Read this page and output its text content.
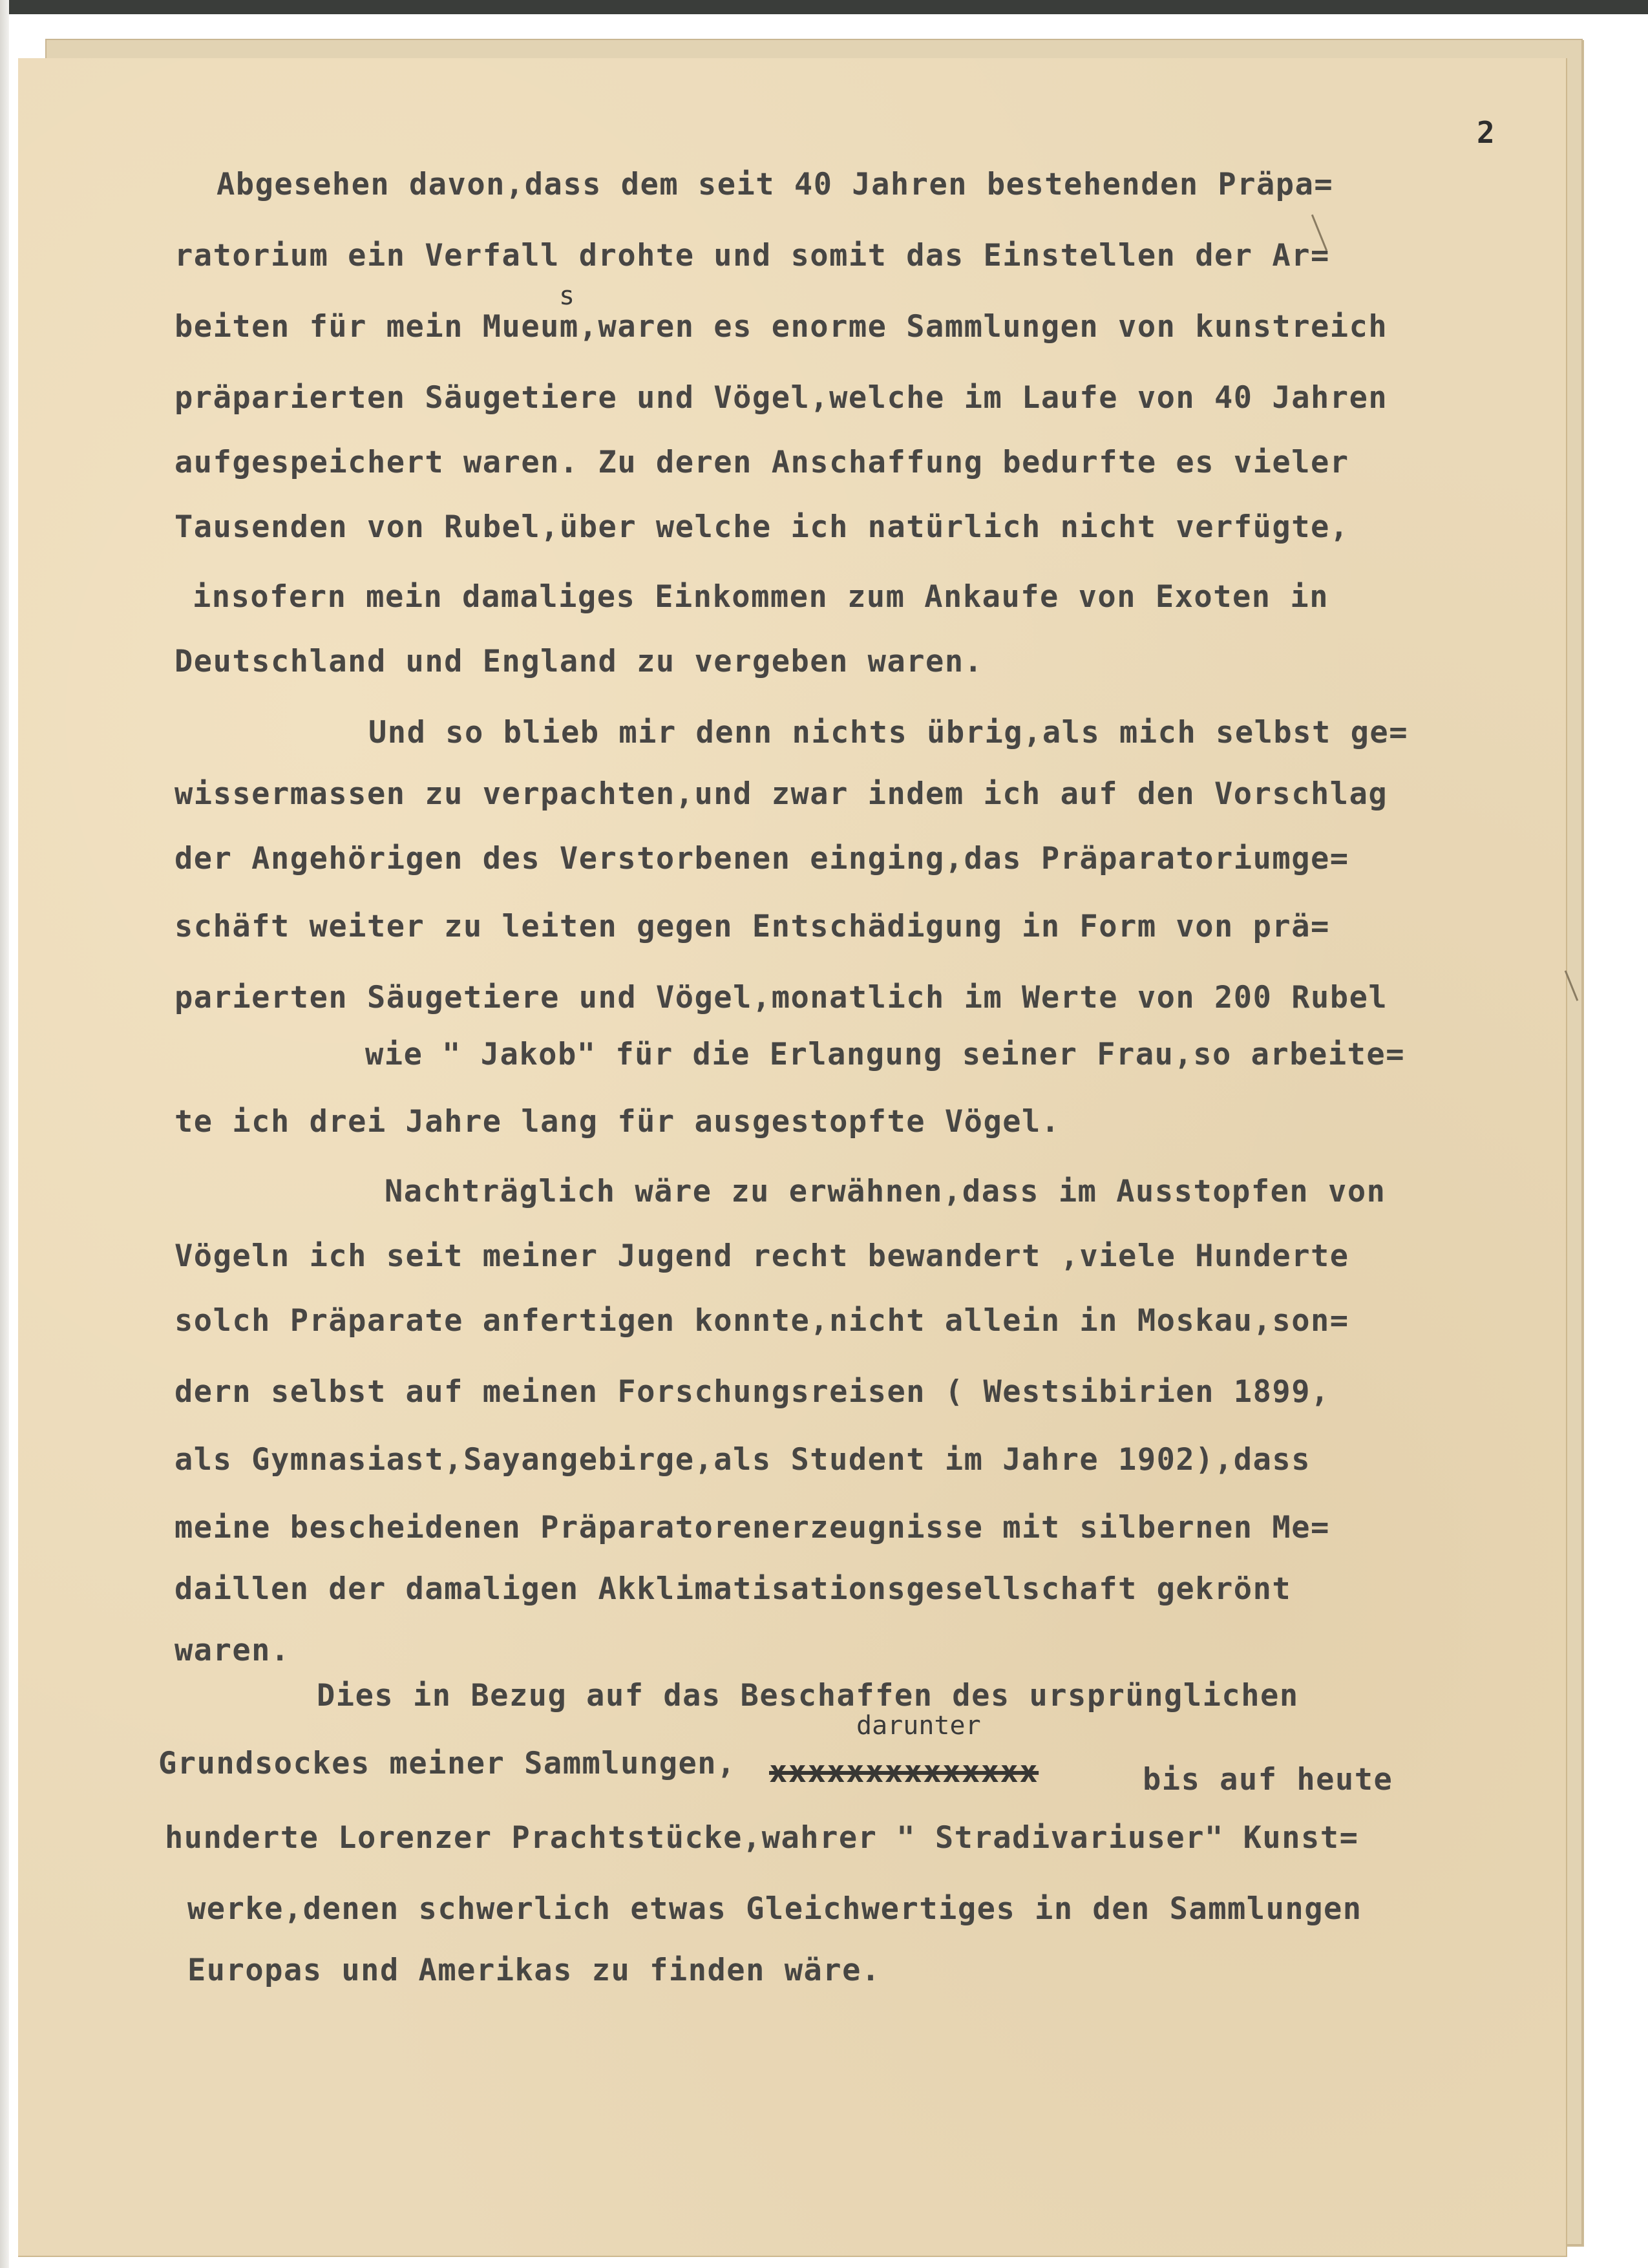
2
Abgesehen davon,dass dem seit 40 Jahren bestehenden Präpa=
ratorium ein Verfall drohte und somit das Einstellen der Ar=
beiten für mein Mueum,waren es enorme Sammlungen von kunstreich
s
präparierten Säugetiere und Vögel,welche im Laufe von 40 Jahren
aufgespeichert waren. Zu deren Anschaffung bedurfte es vieler
Tausenden von Rubel,über welche ich natürlich nicht verfügte,
insofern mein damaliges Einkommen zum Ankaufe von Exoten in
Deutschland und England zu vergeben waren.
Und so blieb mir denn nichts übrig,als mich selbst ge=
wissermassen zu verpachten,und zwar indem ich auf den Vorschlag
der Angehörigen des Verstorbenen einging,das Präparatoriumge=
schäft weiter zu leiten gegen Entschädigung in Form von prä=
parierten Säugetiere und Vögel,monatlich im Werte von 200 Rubel
wie " Jakob" für die Erlangung seiner Frau,so arbeite=
te ich drei Jahre lang für ausgestopfte Vögel.
Nachträglich wäre zu erwähnen,dass im Ausstopfen von
Vögeln ich seit meiner Jugend recht bewandert ,viele Hunderte
solch Präparate anfertigen konnte,nicht allein in Moskau,son=
dern selbst auf meinen Forschungsreisen ( Westsibirien 1899,
als Gymnasiast,Sayangebirge,als Student im Jahre 1902),dass
meine bescheidenen Präparatorenerzeugnisse mit silbernen Me=
daillen der damaligen Akklimatisationsgesellschaft gekrönt
waren.
Dies in Bezug auf das Beschaffen des ursprünglichen
darunter
Grundsockes meiner Sammlungen, xxxxxxxxxxxxxx	bis auf heute
hunderte Lorenzer Prachtstücke,wahrer " Stradivariuser" Kunst=
werke,denen schwerlich etwas Gleichwertiges in den Sammlungen
Europas und Amerikas zu finden wäre.
